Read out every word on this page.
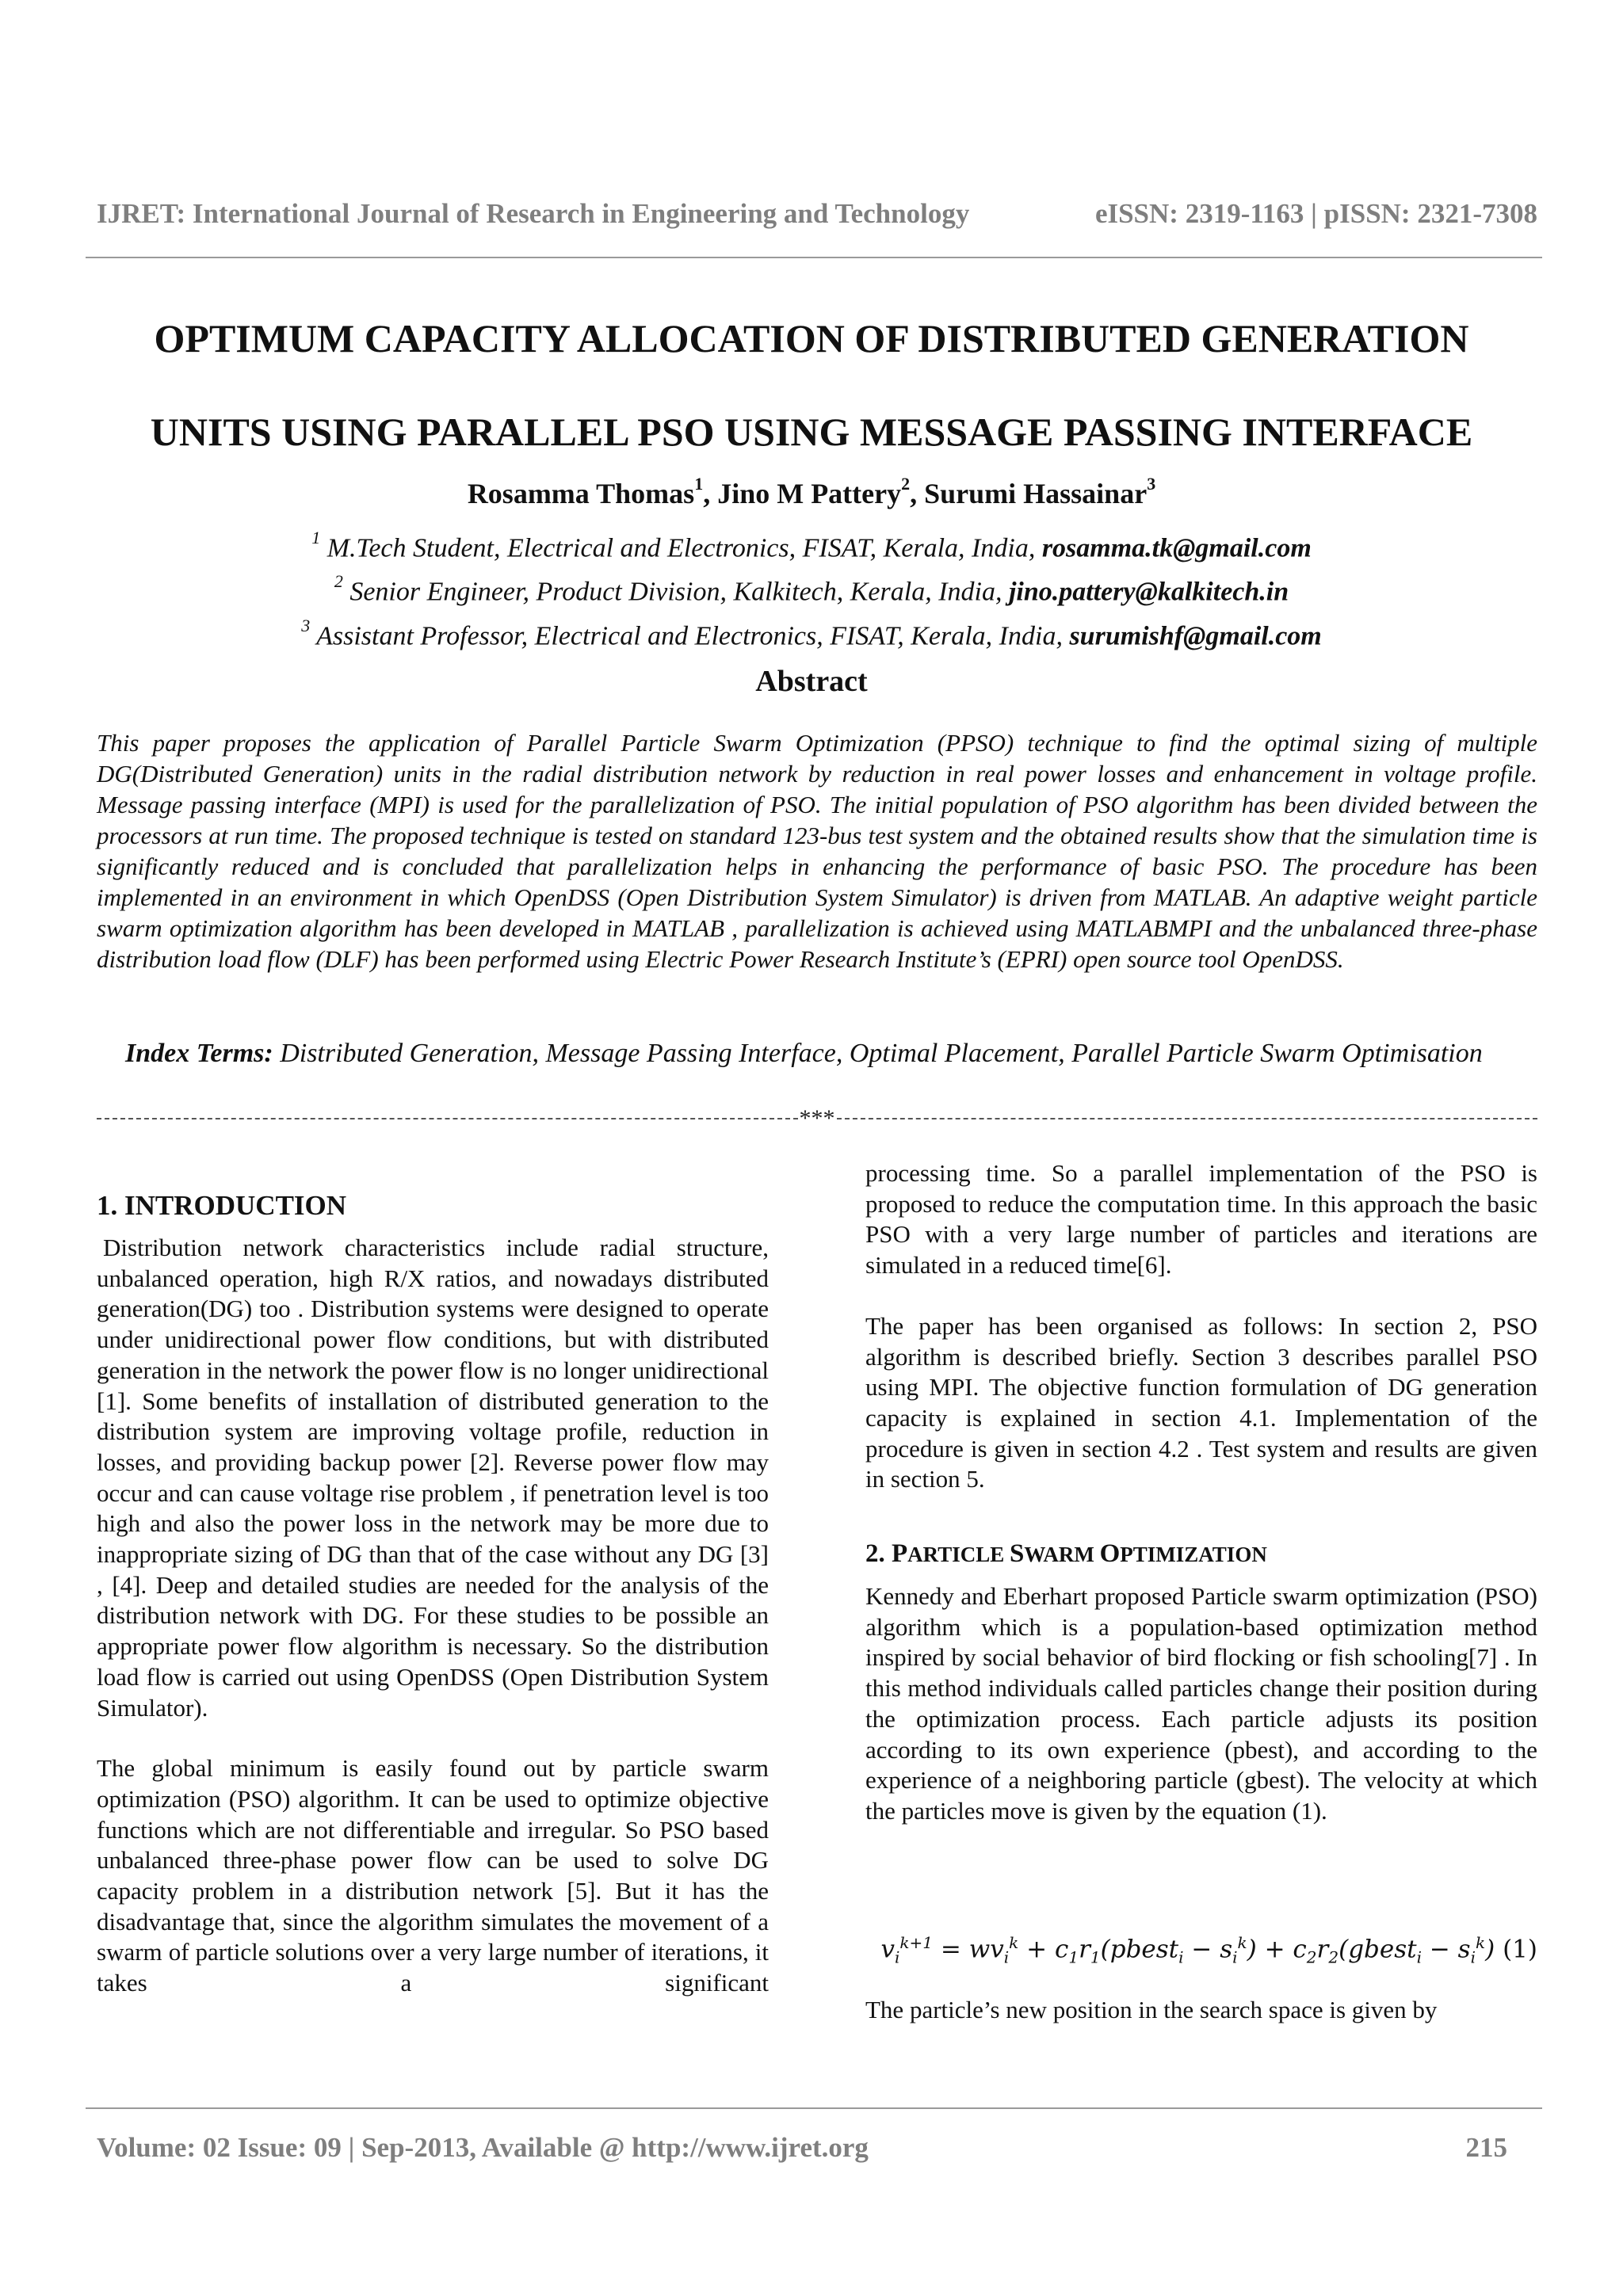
IJRET: International Journal of Research in Engineering and Technology	eISSN: 2319-1163 | pISSN: 2321-7308
OPTIMUM CAPACITY ALLOCATION OF DISTRIBUTED GENERATION
UNITS USING PARALLEL PSO USING MESSAGE PASSING INTERFACE
Rosamma Thomas$^1$, Jino M Pattery$^2$, Surumi Hassainar$^3$
$^1$ M.Tech Student, Electrical and Electronics, FISAT, Kerala, India, rosamma.tk@gmail.com
$^2$ Senior Engineer, Product Division, Kalkitech, Kerala, India, jino.pattery@kalkitech.in
$^3$ Assistant Professor, Electrical and Electronics, FISAT, Kerala, India, surumishf@gmail.com
Abstract
This paper proposes the application of Parallel Particle Swarm Optimization (PPSO) technique to find the optimal sizing of multiple DG(Distributed Generation) units in the radial distribution network by reduction in real power losses and enhancement in voltage profile. Message passing interface (MPI) is used for the parallelization of PSO. The initial population of PSO algorithm has been divided between the processors at run time. The proposed technique is tested on standard 123-bus test system and the obtained results show that the simulation time is significantly reduced and is concluded that parallelization helps in enhancing the performance of basic PSO. The procedure has been implemented in an environment in which OpenDSS (Open Distribution System Simulator) is driven from MATLAB. An adaptive weight particle swarm optimization algorithm has been developed in MATLAB , parallelization is achieved using MATLABMPI and the unbalanced three-phase distribution load flow (DLF) has been performed using Electric Power Research Institute’s (EPRI) open source tool OpenDSS.
Index Terms: Distributed Generation, Message Passing Interface, Optimal Placement, Parallel Particle Swarm Optimisation
***
1. INTRODUCTION

Distribution network characteristics include radial structure, unbalanced operation, high R/X ratios, and nowadays distributed generation(DG) too . Distribution systems were designed to operate under unidirectional power flow conditions, but with distributed generation in the network the power flow is no longer unidirectional [1]. Some benefits of installation of distributed generation to the distribution system are improving voltage profile, reduction in losses, and providing backup power [2]. Reverse power flow may occur and can cause voltage rise problem , if penetration level is too high and also the power loss in the network may be more due to inappropriate sizing of DG than that of the case without any DG [3] , [4]. Deep and detailed studies are needed for the analysis of the distribution network with DG. For these studies to be possible an appropriate power flow algorithm is necessary. So the distribution load flow is carried out using OpenDSS (Open Distribution System Simulator).

The global minimum is easily found out by particle swarm optimization (PSO) algorithm. It can be used to optimize objective functions which are not differentiable and irregular. So PSO based unbalanced three-phase power flow can be used to solve DG capacity problem in a distribution network [5]. But it has the disadvantage that, since the algorithm simulates the movement of a swarm of particle solutions over a very large number of iterations, it takes a significant

processing time. So a parallel implementation of the PSO is proposed to reduce the computation time. In this approach the basic PSO with a very large number of particles and iterations are simulated in a reduced time[6].

The paper has been organised as follows: In section 2, PSO algorithm is described briefly. Section 3 describes parallel PSO using MPI. The objective function formulation of DG generation capacity is explained in section 4.1. Implementation of the procedure is given in section 4.2 . Test system and results are given in section 5.

2. PARTICLE SWARM OPTIMIZATION

Kennedy and Eberhart proposed Particle swarm optimization (PSO) algorithm which is a population-based optimization method inspired by social behavior of bird flocking or fish schooling[7] . In this method individuals called particles change their position during the optimization process. Each particle adjusts its position according to its own experience (pbest), and according to the experience of a neighboring particle (gbest). The velocity at which the particles move is given by the equation (1).

$v_i^{k+1} = wv_i^k$ + $c_1r_1(pbest_i - s_i^k)$ + $c_2r_2(gbest_i - s_i^k)$ (1)

The particle’s new position in the search space is given by

Volume: 02 Issue: 09 | Sep-2013, Available @ http://www.ijret.org	215
